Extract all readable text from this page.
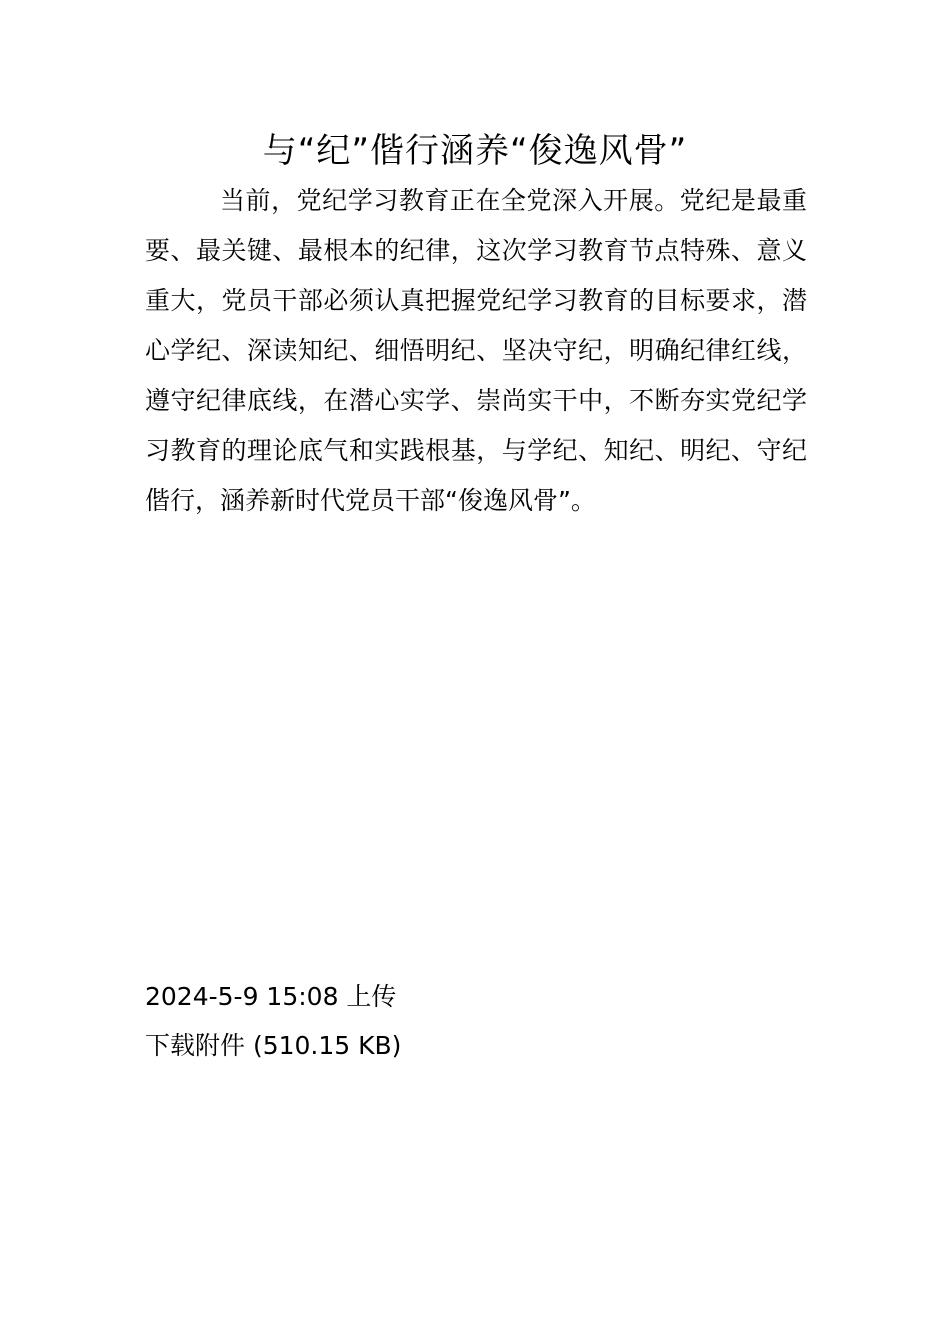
与“纪”偕行涵养“俊逸风骨”
当前，党纪学习教育正在全党深入开展。党纪是最重要、最关键、最根本的纪律，这次学习教育节点特殊、意义重大，党员干部必须认真把握党纪学习教育的目标要求，潜心学纪、深读知纪、细悟明纪、坚决守纪，明确纪律红线，遵守纪律底线，在潜心实学、崇尚实干中，不断夯实党纪学习教育的理论底气和实践根基，与学纪、知纪、明纪、守纪偕行，涵养新时代党员干部“俊逸风骨”。
2024-5-9 15:08 上传
下载附件 (510.15 KB)
